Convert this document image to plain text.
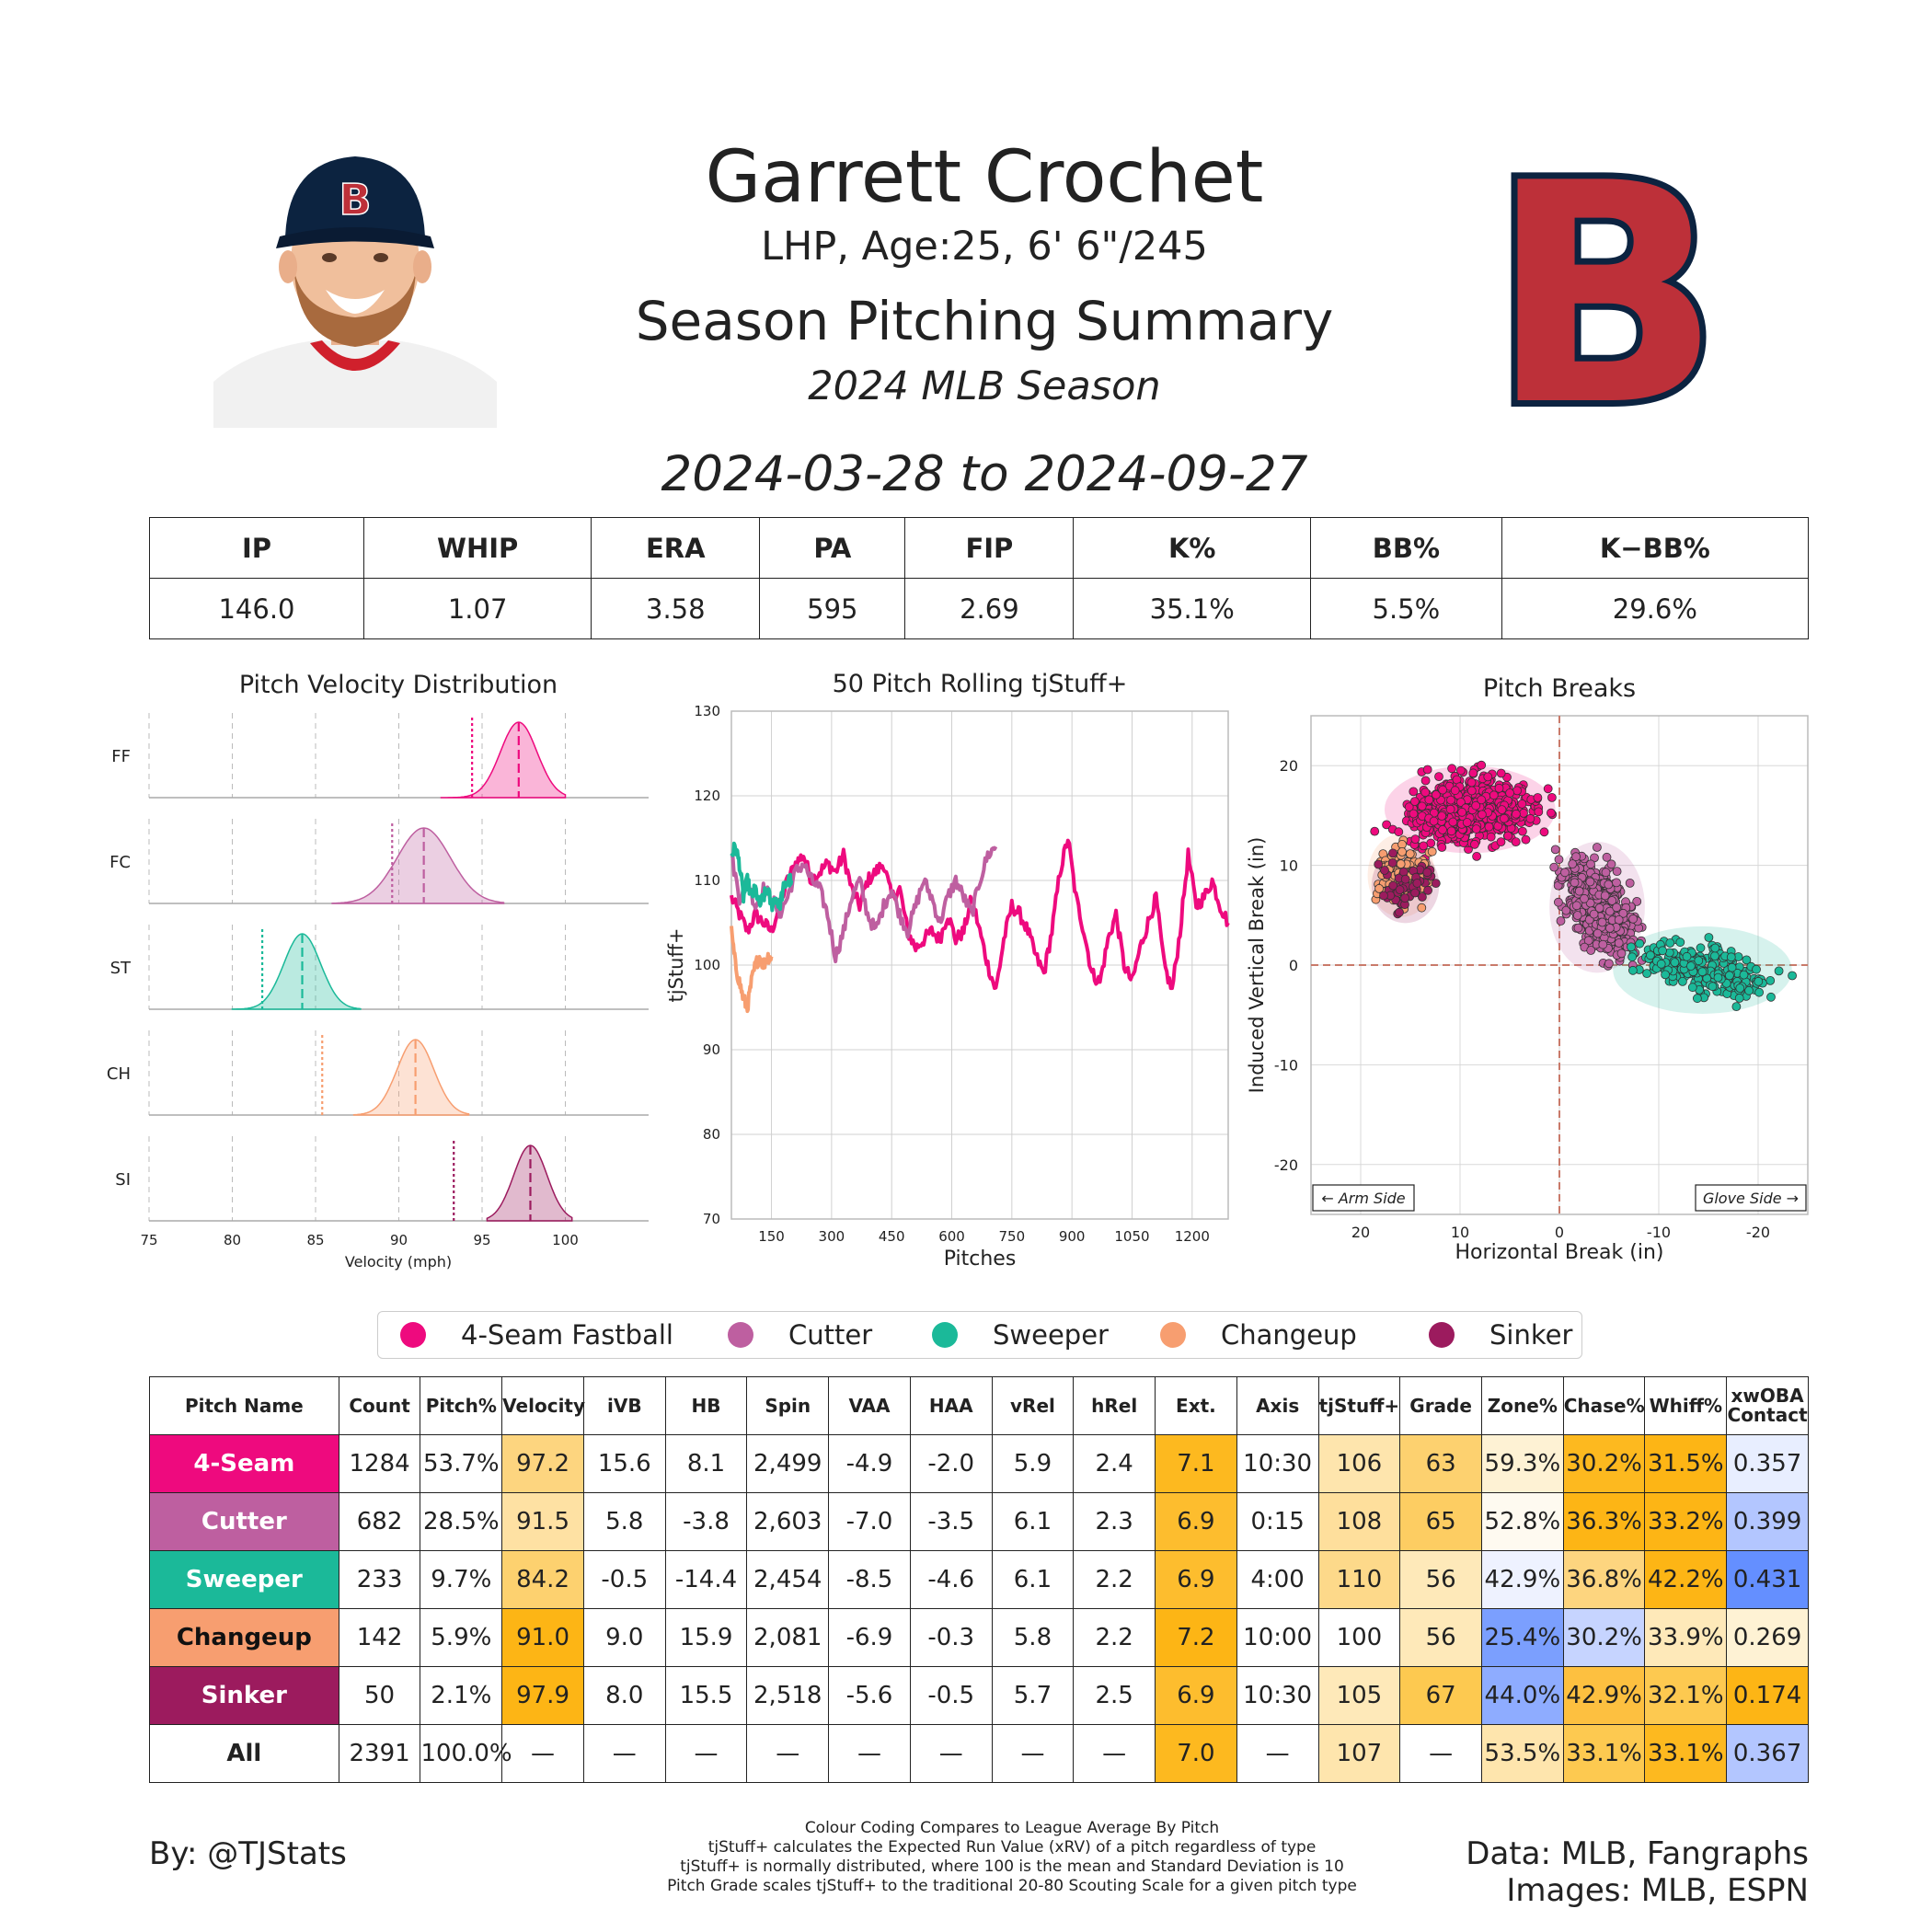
Garrett Crochet
LHP, Age:25, 6' 6"/245
Season Pitching Summary
2024 MLB Season
2024-03-28 to 2024-09-27
B	B
IP	WHIP	ERA	PA	FIP	K%	BB%	K−BB%
146.0	1.07	3.58	595	2.69	35.1%	5.5%	29.6%
Pitch Velocity Distribution
FF
FC
ST
CH
SI
75	80	85	90	95	100
Velocity (mph)
50 Pitch Rolling tjStuff+
70
80
90
100
110
120
130
150 300 450 600 750 900 1050 1200
Pitches
tjStuff+
Pitch Breaks
20
10
0
-10
-20
20	10	0	-10	-20
← Arm Side	Glove Side →
Horizontal Break (in)
Induced Vertical Break (in)
4-Seam Fastball	Cutter	Sweeper	Changeup	Sinker
Pitch Name	Count	Pitch%	Velocity	iVB	HB	Spin	VAA	HAA	vRel	hRel	Ext.	Axis	tjStuff+	Grade	Zone%	Chase%	Whiff%	xwOBA Contact
4-Seam	1284	53.7%	97.2	15.6	8.1	2,499	-4.9	-2.0	5.9	2.4	7.1	10:30	106	63	59.3%	30.2%	31.5%	0.357
Cutter	682	28.5%	91.5	5.8	-3.8	2,603	-7.0	-3.5	6.1	2.3	6.9	0:15	108	65	52.8%	36.3%	33.2%	0.399
Sweeper	233	9.7%	84.2	-0.5	-14.4	2,454	-8.5	-4.6	6.1	2.2	6.9	4:00	110	56	42.9%	36.8%	42.2%	0.431
Changeup	142	5.9%	91.0	9.0	15.9	2,081	-6.9	-0.3	5.8	2.2	7.2	10:00	100	56	25.4%	30.2%	33.9%	0.269
Sinker	50	2.1%	97.9	8.0	15.5	2,518	-5.6	-0.5	5.7	2.5	6.9	10:30	105	67	44.0%	42.9%	32.1%	0.174
All	2391	100.0%	—	—	—	—	—	—	—	—	7.0	—	107	—	53.5%	33.1%	33.1%	0.367
By: @TJStats
Colour Coding Compares to League Average By Pitch
tjStuff+ calculates the Expected Run Value (xRV) of a pitch regardless of type
tjStuff+ is normally distributed, where 100 is the mean and Standard Deviation is 10
Pitch Grade scales tjStuff+ to the traditional 20-80 Scouting Scale for a given pitch type
Data: MLB, Fangraphs
Images: MLB, ESPN
